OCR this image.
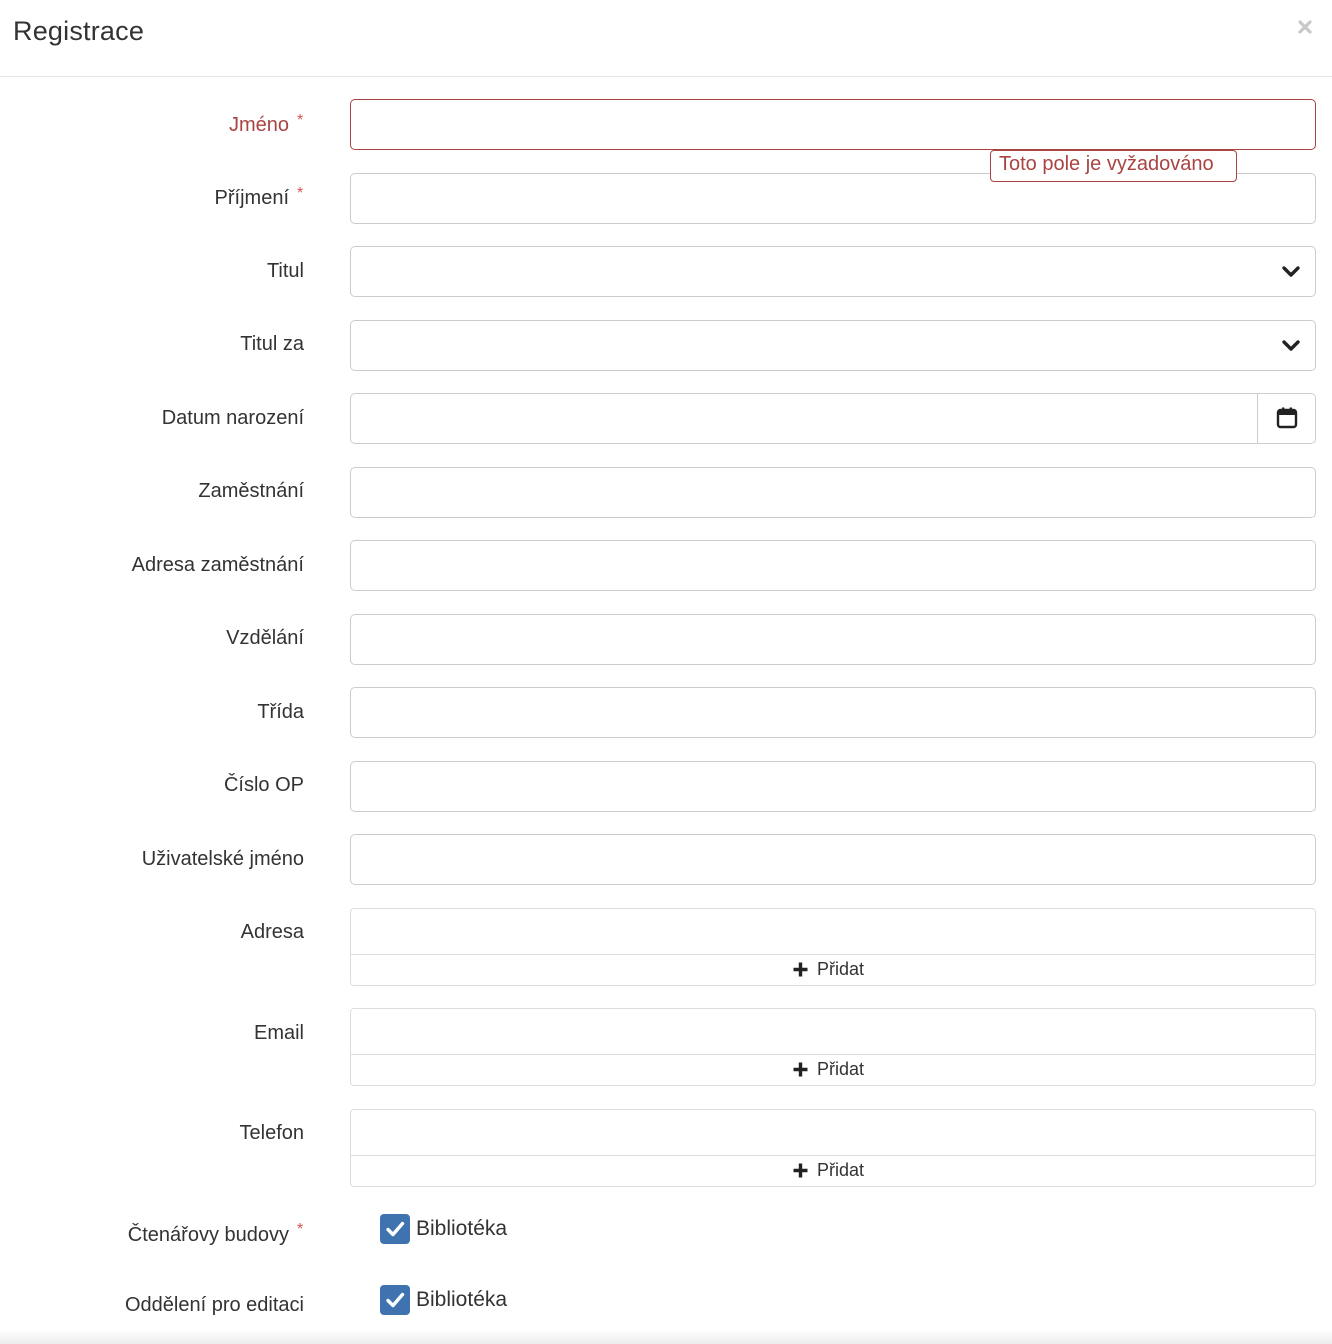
Registrace
Jméno *
Příjmení *
Toto pole je vyžadováno
Titul
Titul za
Datum narození
Zaměstnání
Adresa zaměstnání
Vzdělání
Třída
Číslo OP
Uživatelské jméno
Adresa
Přidat
Email
Přidat
Telefon
Přidat
Čtenářovy budovy *	Bibliotéka
Oddělení pro editaci	Bibliotéka
